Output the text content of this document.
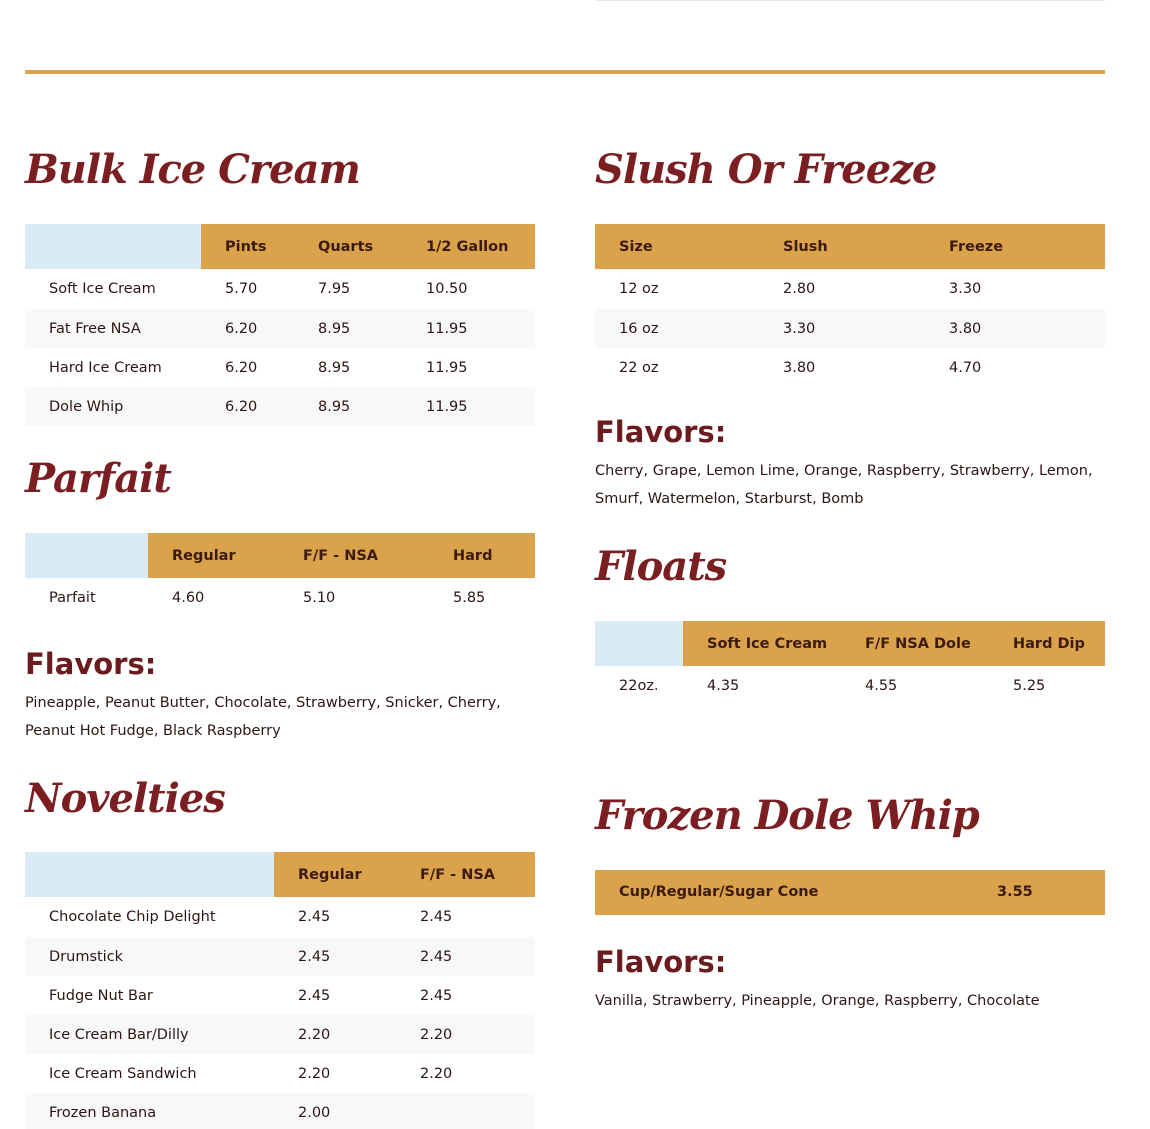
Bulk Ice Cream
	Pints	Quarts	1/2 Gallon
Soft Ice Cream	5.70	7.95	10.50
Fat Free NSA	6.20	8.95	11.95
Hard Ice Cream	6.20	8.95	11.95
Dole Whip	6.20	8.95	11.95
Parfait
	Regular	F/F - NSA	Hard
Parfait	4.60	5.10	5.85
Flavors:
Pineapple, Peanut Butter, Chocolate, Strawberry, Snicker, Cherry, Peanut Hot Fudge, Black Raspberry
Novelties
	Regular	F/F - NSA
Chocolate Chip Delight	2.45	2.45
Drumstick	2.45	2.45
Fudge Nut Bar	2.45	2.45
Ice Cream Bar/Dilly	2.20	2.20
Ice Cream Sandwich	2.20	2.20
Frozen Banana	2.00	
Slush Or Freeze
Size	Slush	Freeze
12 oz	2.80	3.30
16 oz	3.30	3.80
22 oz	3.80	4.70
Flavors:
Cherry, Grape, Lemon Lime, Orange, Raspberry, Strawberry, Lemon, Smurf, Watermelon, Starburst, Bomb
Floats
	Soft Ice Cream	F/F NSA Dole	Hard Dip
22oz.	4.35	4.55	5.25
Frozen Dole Whip
Cup/Regular/Sugar Cone	3.55
Flavors:
Vanilla, Strawberry, Pineapple, Orange, Raspberry, Chocolate
